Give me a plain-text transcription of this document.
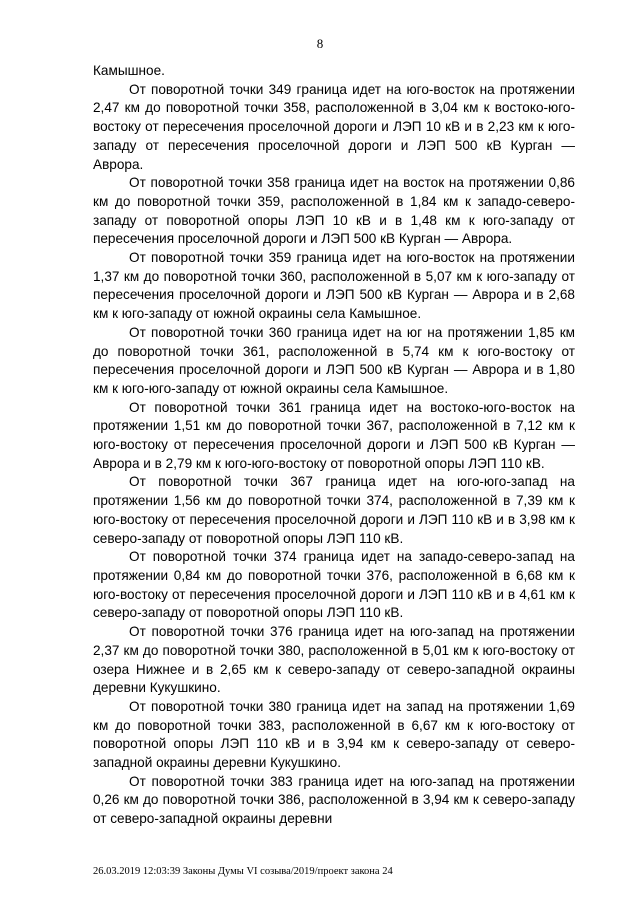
8

Камышное.

От поворотной точки 349 граница идет на юго-восток на протяжении 2,47 км до поворотной точки 358, расположенной в 3,04 км к востоко-юго-востоку от пересечения проселочной дороги и ЛЭП 10 кВ и в 2,23 км к юго-западу от пересечения проселочной дороги и ЛЭП 500 кВ Курган — Аврора.

От поворотной точки 358 граница идет на восток на протяжении 0,86 км до поворотной точки 359, расположенной в 1,84 км к западо-северо-западу от поворотной опоры ЛЭП 10 кВ и в 1,48 км к юго-западу от пересечения проселочной дороги и ЛЭП 500 кВ Курган — Аврора.

От поворотной точки 359 граница идет на юго-восток на протяжении 1,37 км до поворотной точки 360, расположенной в 5,07 км к юго-западу от пересечения проселочной дороги и ЛЭП 500 кВ Курган — Аврора и в 2,68 км к юго-западу от южной окраины села Камышное.

От поворотной точки 360 граница идет на юг на протяжении 1,85 км до поворотной точки 361, расположенной в 5,74 км к юго-востоку от пересечения проселочной дороги и ЛЭП 500 кВ Курган — Аврора и в 1,80 км к юго-юго-западу от южной окраины села Камышное.

От поворотной точки 361 граница идет на востоко-юго-восток на протяжении 1,51 км до поворотной точки 367, расположенной в 7,12 км к юго-востоку от пересечения проселочной дороги и ЛЭП 500 кВ Курган — Аврора и в 2,79 км к юго-юго-востоку от поворотной опоры ЛЭП 110 кВ.

От поворотной точки 367 граница идет на юго-юго-запад на протяжении 1,56 км до поворотной точки 374, расположенной в 7,39 км к юго-востоку от пересечения проселочной дороги и ЛЭП 110 кВ и в 3,98 км к северо-западу от поворотной опоры ЛЭП 110 кВ.

От поворотной точки 374 граница идет на западо-северо-запад на протяжении 0,84 км до поворотной точки 376, расположенной в 6,68 км к юго-востоку от пересечения проселочной дороги и ЛЭП 110 кВ и в 4,61 км к северо-западу от поворотной опоры ЛЭП 110 кВ.

От поворотной точки 376 граница идет на юго-запад на протяжении 2,37 км до поворотной точки 380, расположенной в 5,01 км к юго-востоку от озера Нижнее и в 2,65 км к северо-западу от северо-западной окраины деревни Кукушкино.

От поворотной точки 380 граница идет на запад на протяжении 1,69 км до поворотной точки 383, расположенной в 6,67 км к юго-востоку от поворотной опоры ЛЭП 110 кВ и в 3,94 км к северо-западу от северо-западной окраины деревни Кукушкино.

От поворотной точки 383 граница идет на юго-запад на протяжении 0,26 км до поворотной точки 386, расположенной в 3,94 км к северо-западу от северо-западной окраины деревни

26.03.2019 12:03:39 Законы Думы VI созыва/2019/проект закона 24
